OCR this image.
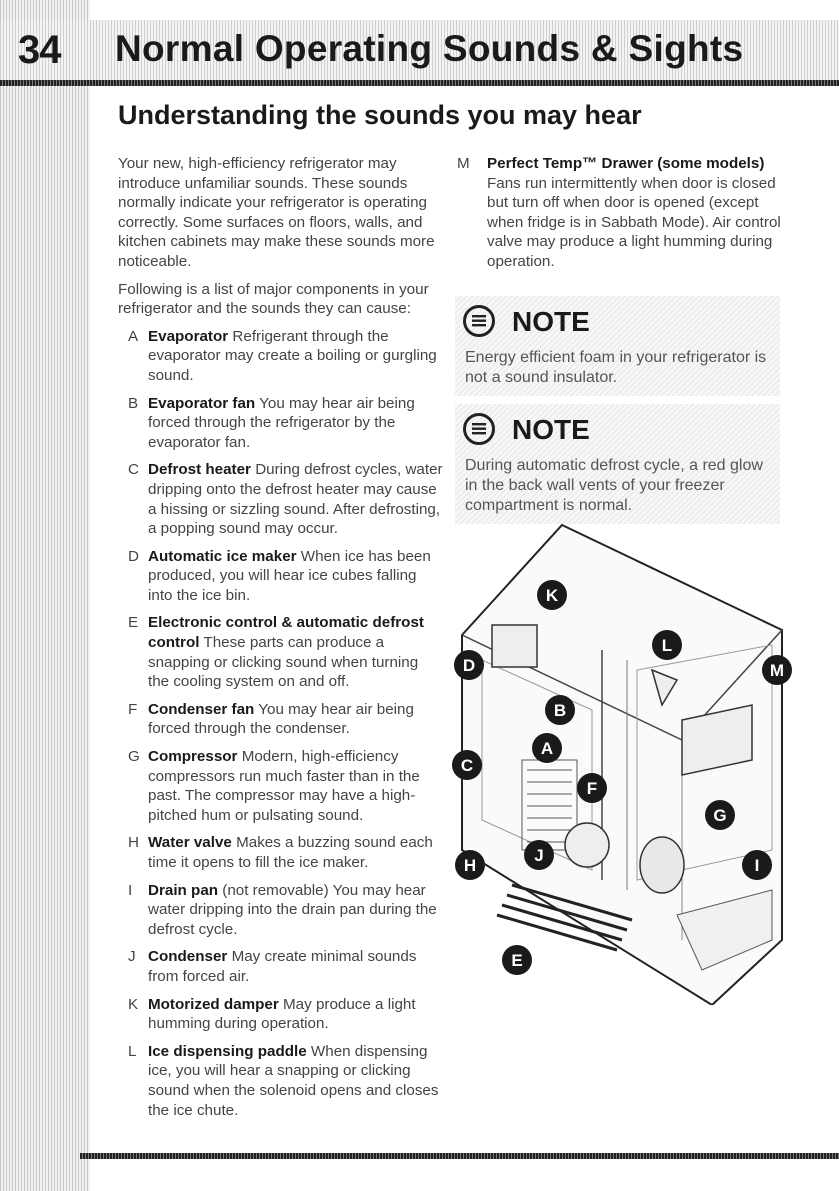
34 Normal Operating Sounds & Sights
Understanding the sounds you may hear

Your new, high-efficiency refrigerator may introduce unfamiliar sounds. These sounds normally indicate your refrigerator is operating correctly. Some surfaces on floors, walls, and kitchen cabinets may make these sounds more noticeable.

Following is a list of major components in your refrigerator and the sounds they can cause:

A Evaporator Refrigerant through the evaporator may create a boiling or gurgling sound.
B Evaporator fan You may hear air being forced through the refrigerator by the evaporator fan.
C Defrost heater During defrost cycles, water dripping onto the defrost heater may cause a hissing or sizzling sound. After defrosting, a popping sound may occur.
D Automatic ice maker When ice has been produced, you will hear ice cubes falling into the ice bin.
E Electronic control & automatic defrost control These parts can produce a snapping or clicking sound when turning the cooling system on and off.
F Condenser fan You may hear air being forced through the condenser.
G Compressor Modern, high-efficiency compressors run much faster than in the past. The compressor may have a high-pitched hum or pulsating sound.
H Water valve Makes a buzzing sound each time it opens to fill the ice maker.
I Drain pan (not removable) You may hear water dripping into the drain pan during the defrost cycle.
J Condenser May create minimal sounds from forced air.
K Motorized damper May produce a light humming during operation.
L Ice dispensing paddle When dispensing ice, you will hear a snapping or clicking sound when the solenoid opens and closes the ice chute.
M Perfect Temp™ Drawer (some models) Fans run intermittently when door is closed but turn off when door is opened (except when fridge is in Sabbath Mode). Air control valve may produce a light humming during operation.
NOTE
Energy efficient foam in your refrigerator is not a sound insulator.
NOTE
During automatic defrost cycle, a red glow in the back wall vents of your freezer compartment is normal.
K
D
B
L
M
A
C
F
G
H
J
I
E
